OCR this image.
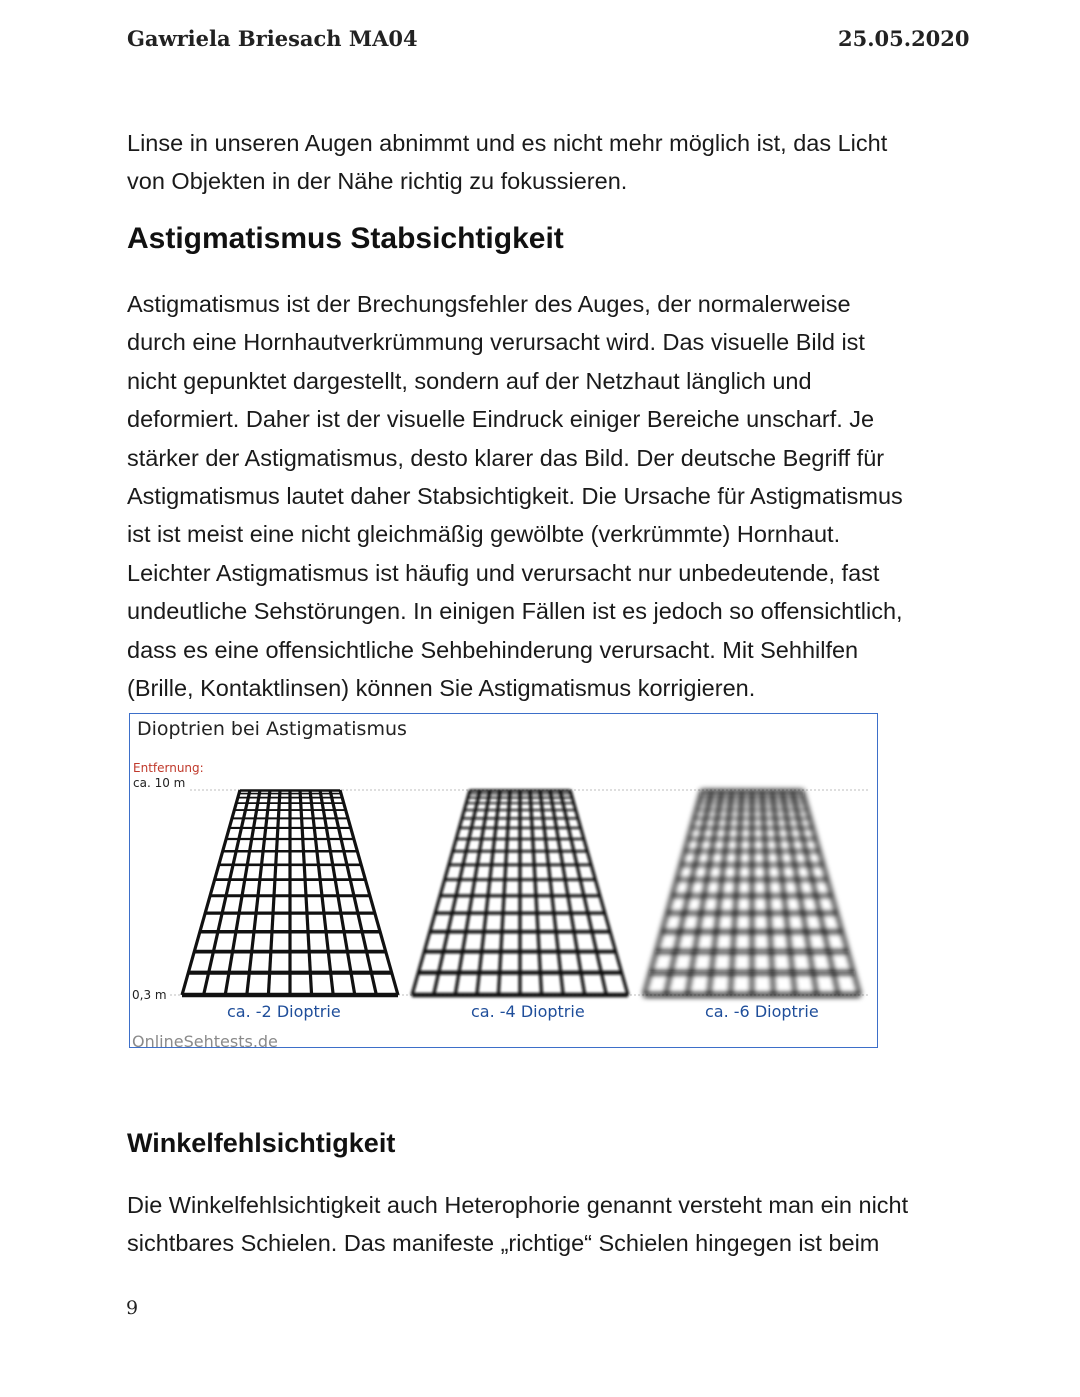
Gawriela Briesach MA04	25.05.2020

Linse in unseren Augen abnimmt und es nicht mehr möglich ist, das Licht
von Objekten in der Nähe richtig zu fokussieren.

Astigmatismus Stabsichtigkeit

Astigmatismus ist der Brechungsfehler des Auges, der normalerweise
durch eine Hornhautverkrümmung verursacht wird. Das visuelle Bild ist
nicht gepunktet dargestellt, sondern auf der Netzhaut länglich und
deformiert. Daher ist der visuelle Eindruck einiger Bereiche unscharf. Je
stärker der Astigmatismus, desto klarer das Bild. Der deutsche Begriff für
Astigmatismus lautet daher Stabsichtigkeit. Die Ursache für Astigmatismus
ist ist meist eine nicht gleichmäßig gewölbte (verkrümmte) Hornhaut.
Leichter Astigmatismus ist häufig und verursacht nur unbedeutende, fast
undeutliche Sehstörungen. In einigen Fällen ist es jedoch so offensichtlich,
dass es eine offensichtliche Sehbehinderung verursacht. Mit Sehhilfen
(Brille, Kontaktlinsen) können Sie Astigmatismus korrigieren.

Dioptrien bei Astigmatismus
Entfernung:
ca. 10 m
0,3 m
ca. -2 Dioptrie	ca. -4 Dioptrie	ca. -6 Dioptrie
OnlineSehtests.de
Winkelfehlsichtigkeit

Die Winkelfehlsichtigkeit auch Heterophorie genannt versteht man ein nicht
sichtbares Schielen. Das manifeste „richtige“ Schielen hingegen ist beim

9
